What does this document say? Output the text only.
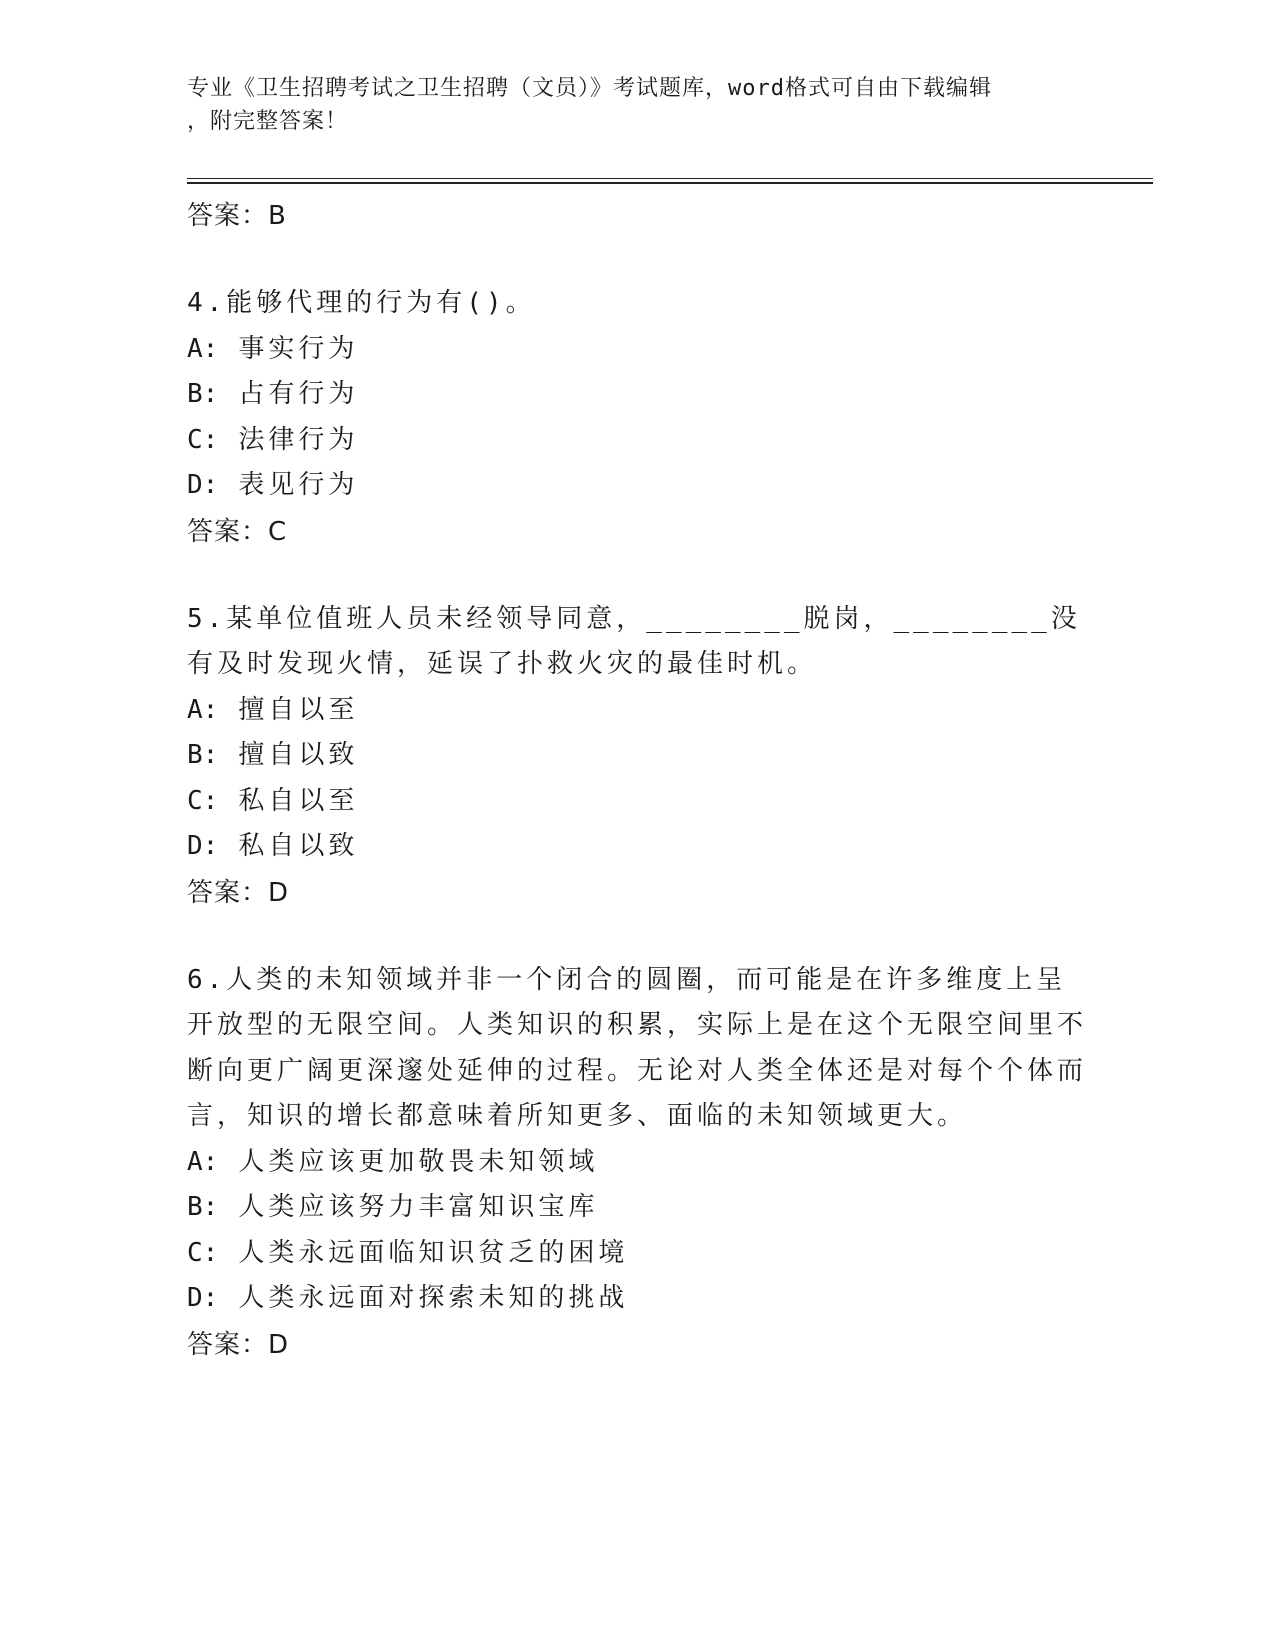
专业《卫生招聘考试之卫生招聘（文员）》考试题库，word格式可自由下载编辑
，附完整答案！
答案：B
4.能够代理的行为有()。
A: 事实行为
B: 占有行为
C: 法律行为
D: 表见行为
答案：C
5.某单位值班人员未经领导同意，________脱岗，________没有及时发现火情，延误了扑救火灾的最佳时机。
A: 擅自以至
B: 擅自以致
C: 私自以至
D: 私自以致
答案：D
6.人类的未知领域并非一个闭合的圆圈，而可能是在许多维度上呈开放型的无限空间。人类知识的积累，实际上是在这个无限空间里不断向更广阔更深邃处延伸的过程。无论对人类全体还是对每个个体而言，知识的增长都意味着所知更多、面临的未知领域更大。
A: 人类应该更加敬畏未知领域
B: 人类应该努力丰富知识宝库
C: 人类永远面临知识贫乏的困境
D: 人类永远面对探索未知的挑战
答案：D
